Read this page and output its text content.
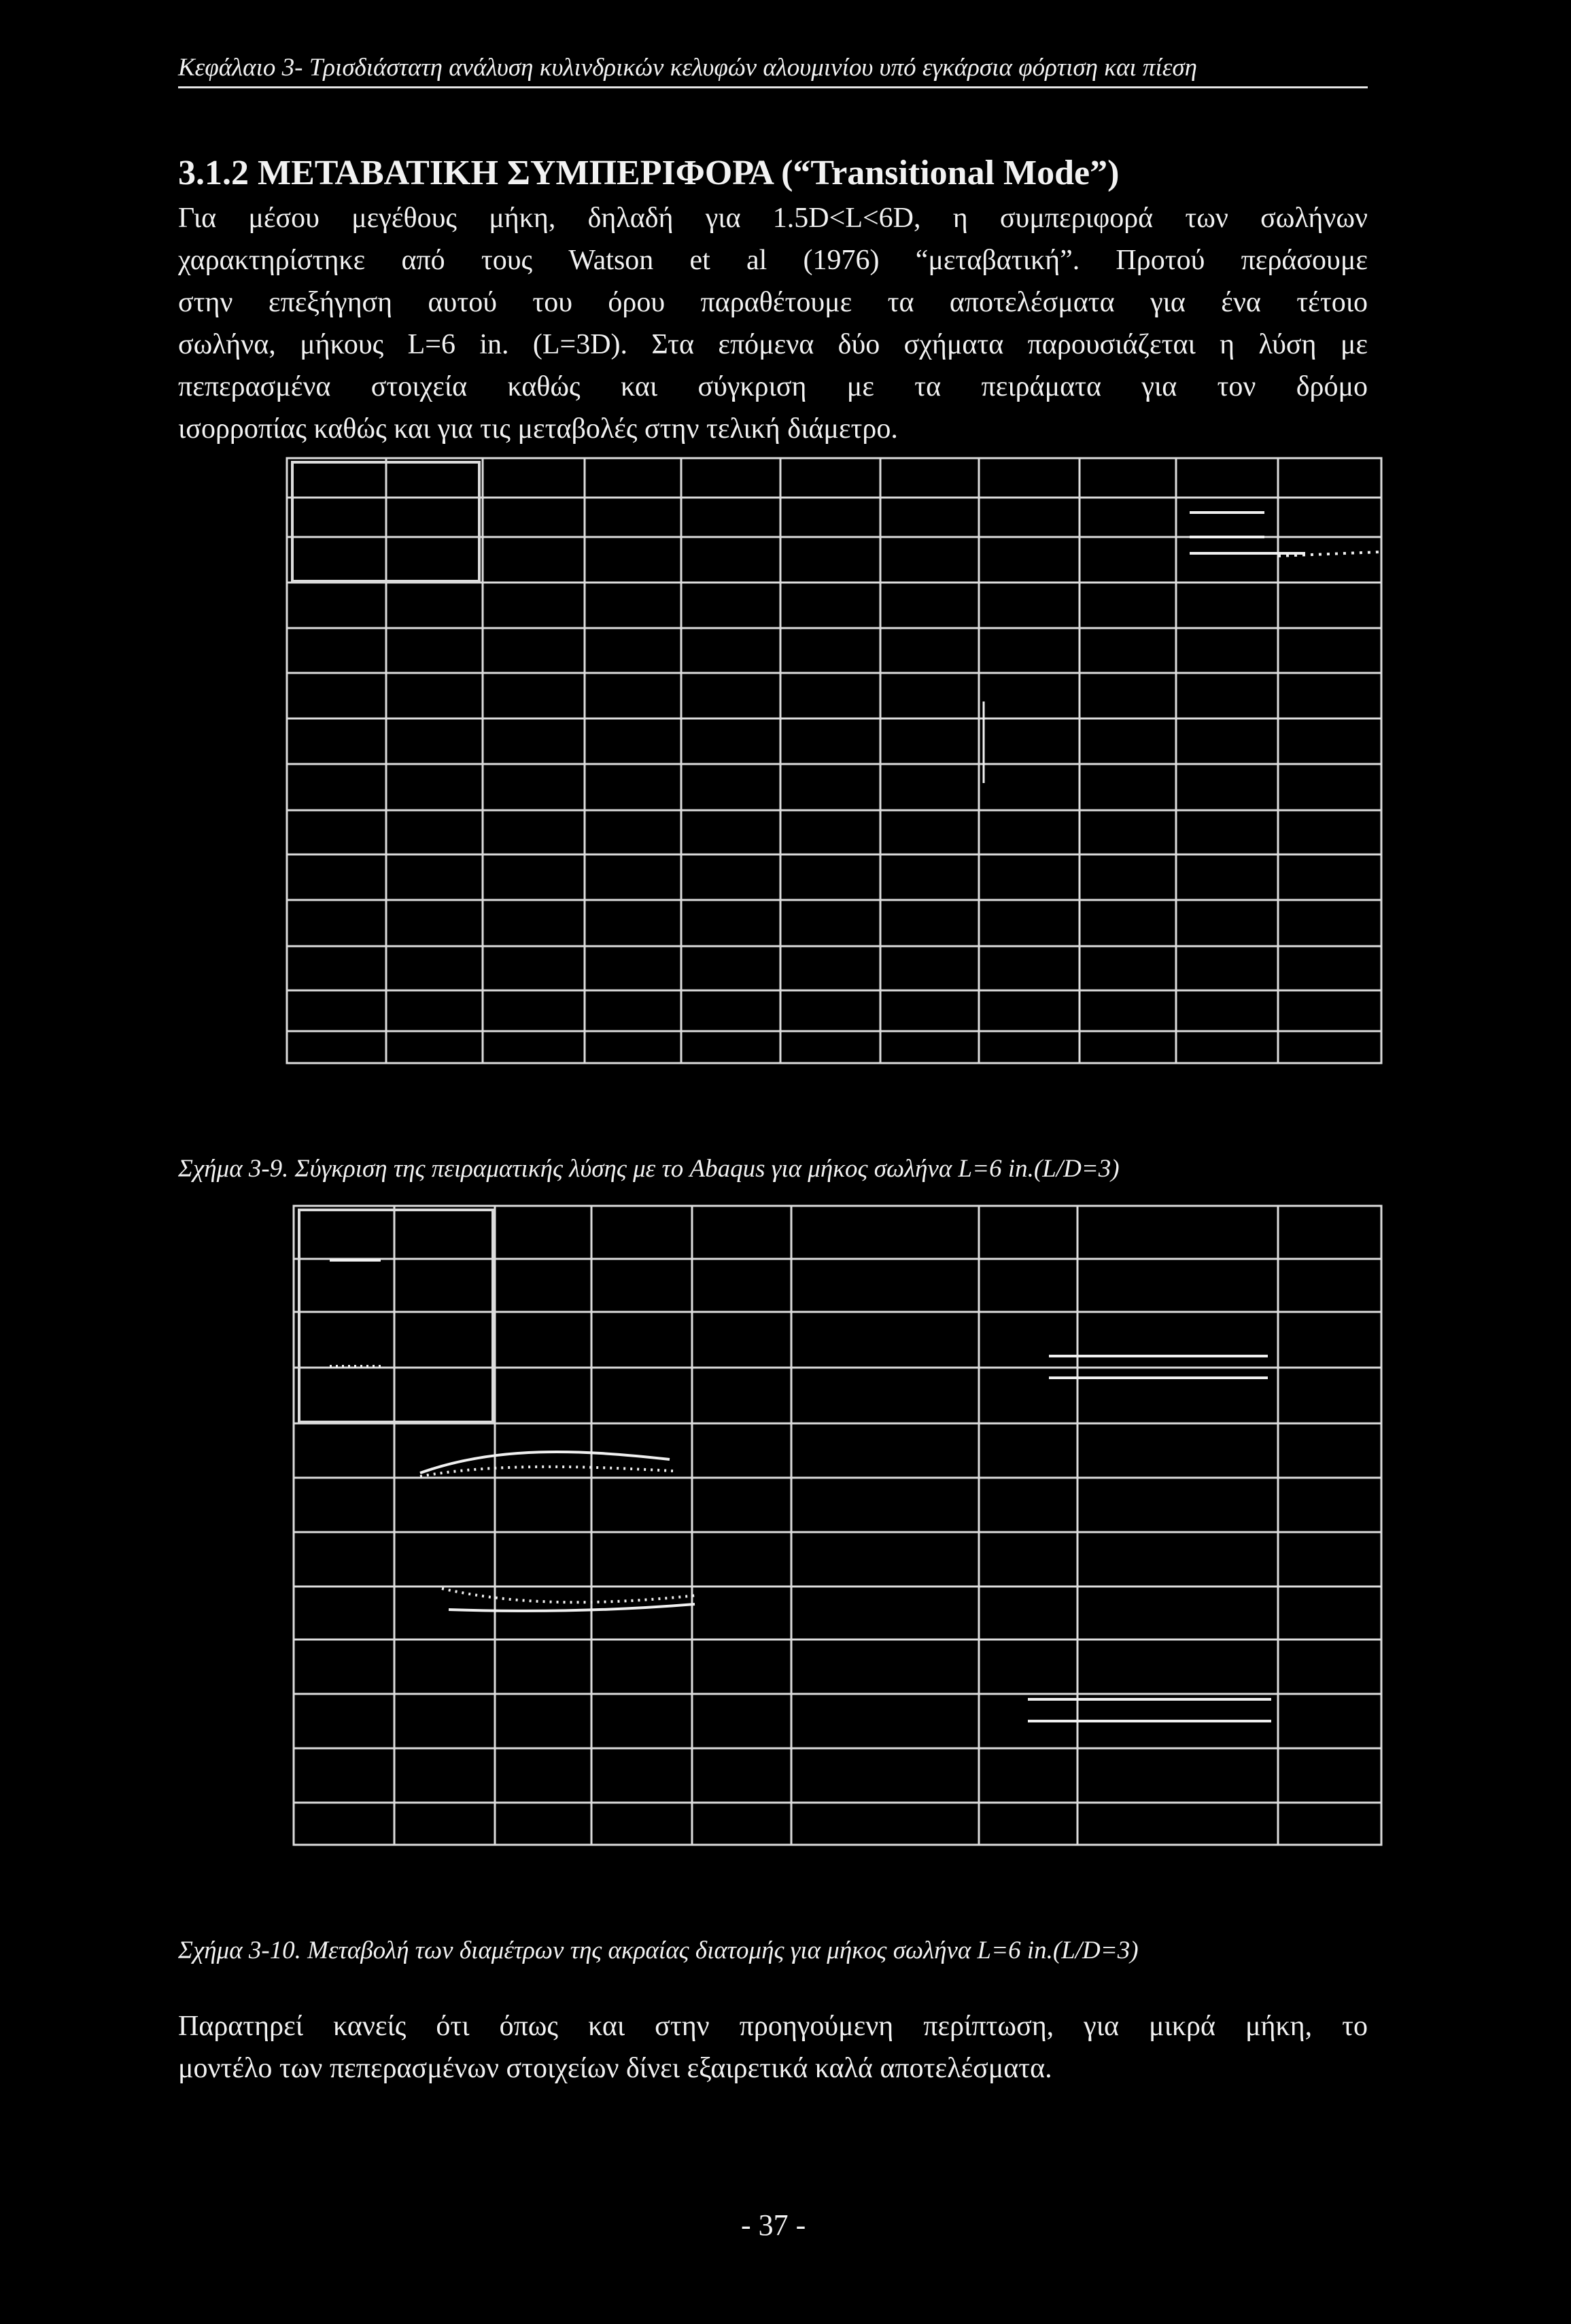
Κεφάλαιο 3- Τρισδιάστατη ανάλυση κυλινδρικών κελυφών αλουμινίου υπό εγκάρσια φόρτιση και πίεση
3.1.2 ΜΕΤΑΒΑΤΙΚΗ ΣΥΜΠΕΡΙΦΟΡΑ (“Transitional Mode”)
Για μέσου μεγέθους μήκη, δηλαδή για 1.5D<L<6D, η συμπεριφορά των σωλήνων
χαρακτηρίστηκε από τους Watson et al (1976) “μεταβατική”. Προτού περάσουμε
στην επεξήγηση αυτού του όρου παραθέτουμε τα αποτελέσματα για ένα τέτοιο
σωλήνα, μήκους L=6 in. (L=3D). Στα επόμενα δύο σχήματα παρουσιάζεται η λύση με
πεπερασμένα στοιχεία καθώς και σύγκριση με τα πειράματα για τον δρόμο
ισορροπίας καθώς και για τις μεταβολές στην τελική διάμετρο.
Σχήμα 3-9. Σύγκριση της πειραματικής λύσης με το Abaqus για μήκος σωλήνα L=6 in.(L/D=3)
Σχήμα 3-10. Μεταβολή των διαμέτρων της ακραίας διατομής για μήκος σωλήνα L=6 in.(L/D=3)
Παρατηρεί κανείς ότι όπως και στην προηγούμενη περίπτωση, για μικρά μήκη, το
μοντέλο των πεπερασμένων στοιχείων δίνει εξαιρετικά καλά αποτελέσματα.
- 37 -
